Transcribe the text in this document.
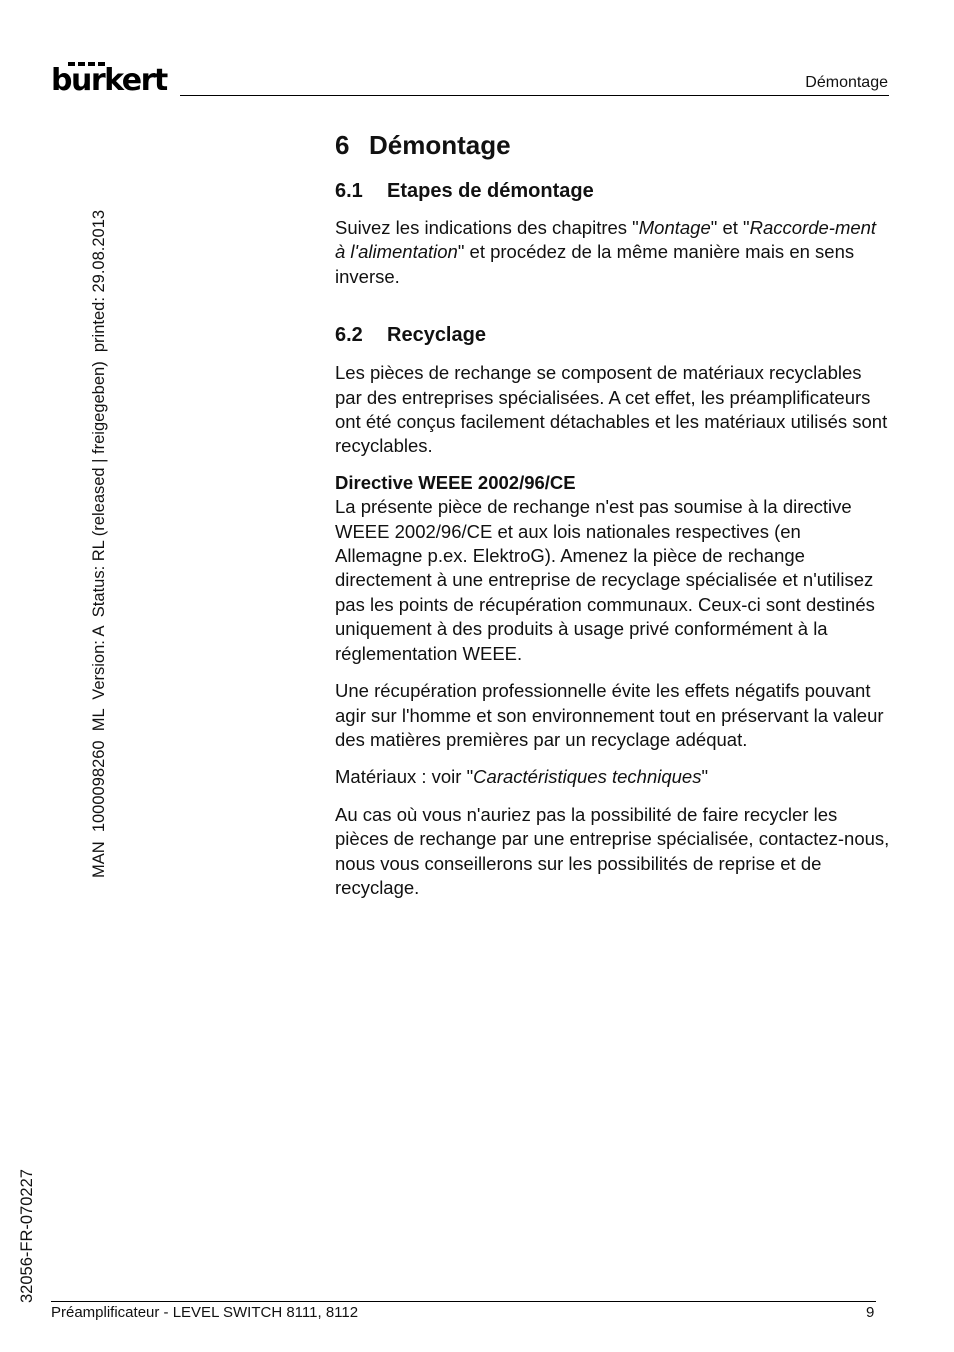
burkert	Démontage
MAN  1000098260  ML  Version: A  Status: RL (released | freigegeben)  printed: 29.08.2013
32056-FR-070227
6 Démontage
6.1 Etapes de démontage

Suivez les indications des chapitres "Montage" et "Raccorde-ment à l'alimentation" et procédez de la même manière mais en sens inverse.

6.2 Recyclage

Les pièces de rechange se composent de matériaux recyclables par des entreprises spécialisées. A cet effet, les préamplificateurs ont été conçus facilement détachables et les matériaux utilisés sont recyclables.

Directive WEEE 2002/96/CE
La présente pièce de rechange n'est pas soumise à la directive WEEE 2002/96/CE et aux lois nationales respectives (en Allemagne p.ex. ElektroG). Amenez la pièce de rechange directement à une entreprise de recyclage spécialisée et n'utilisez pas les points de récupération communaux. Ceux-ci sont destinés uniquement à des produits à usage privé conformément à la réglementation WEEE.

Une récupération professionnelle évite les effets négatifs pouvant agir sur l'homme et son environnement tout en préservant la valeur des matières premières par un recyclage adéquat.

Matériaux : voir "Caractéristiques techniques"

Au cas où vous n'auriez pas la possibilité de faire recycler les pièces de rechange par une entreprise spécialisée, contactez-nous, nous vous conseillerons sur les possibilités de reprise et de recyclage.

Préamplificateur - LEVEL SWITCH 8111, 8112	9
